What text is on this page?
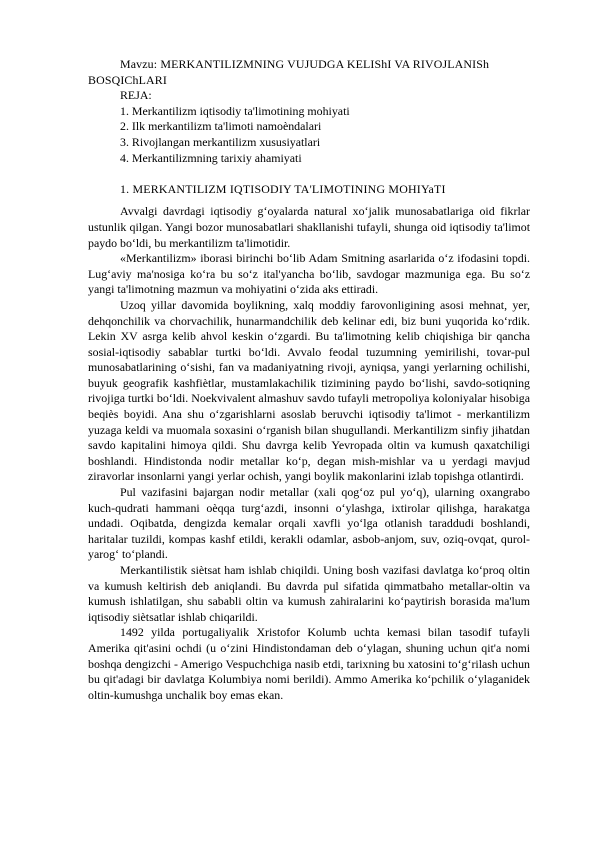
Mavzu: MERKANTILIZMNING VUJUDGA KELIShI VA RIVOJLANISh BOSQIChLARI

REJA:

1. Merkantilizm iqtisodiy ta'limotining mohiyati

2. Ilk merkantilizm ta'limoti namoèndalari

3. Rivojlangan merkantilizm xususiyatlari

4. Merkantilizmning tarixiy ahamiyati

1. MERKANTILIZM IQTISODIY TA'LIMOTINING MOHIYaTI

Avvalgi davrdagi iqtisodiy g‘oyalarda natural xo‘jalik munosabatlariga oid fikrlar ustunlik qilgan. Yangi bozor munosabatlari shakllanishi tufayli, shunga oid iqtisodiy ta'limot paydo bo‘ldi, bu merkantilizm ta'limotidir.

«Merkantilizm» iborasi birinchi bo‘lib Adam Smitning asarlarida o‘z ifodasini topdi. Lug‘aviy ma'nosiga ko‘ra bu so‘z ital'yancha bo‘lib, savdogar mazmuniga ega. Bu so‘z yangi ta'limotning mazmun va mohiyatini o‘zida aks ettiradi.

Uzoq yillar davomida boylikning, xalq moddiy farovonligining asosi mehnat, yer, dehqonchilik va chorvachilik, hunarmandchilik deb kelinar edi, biz buni yuqorida ko‘rdik. Lekin XV asrga kelib ahvol keskin o‘zgardi. Bu ta'limotning kelib chiqishiga bir qancha sosial-iqtisodiy sabablar turtki bo‘ldi. Avvalo feodal tuzumning yemirilishi, tovar-pul munosabatlarining o‘sishi, fan va madaniyatning rivoji, ayniqsa, yangi yerlarning ochilishi, buyuk geografik kashfiètlar, mustamlakachilik tizimining paydo bo‘lishi, savdo-sotiqning rivojiga turtki bo‘ldi. Noekvivalent almashuv savdo tufayli metropoliya koloniyalar hisobiga beqiès boyidi. Ana shu o‘zgarishlarni asoslab beruvchi iqtisodiy ta'limot - merkantilizm yuzaga keldi va muomala soxasini o‘rganish bilan shugullandi. Merkantilizm sinfiy jihatdan savdo kapitalini himoya qildi. Shu davrga kelib Yevropada oltin va kumush qaxatchiligi boshlandi. Hindistonda nodir metallar ko‘p, degan mish-mishlar va u yerdagi mavjud ziravorlar insonlarni yangi yerlar ochish, yangi boylik makonlarini izlab topishga otlantirdi.

Pul vazifasini bajargan nodir metallar (xali qog‘oz pul yo‘q), ularning oxangrabo kuch-qudrati hammani oèqqa turg‘azdi, insonni o‘ylashga, ixtirolar qilishga, harakatga undadi. Oqibatda, dengizda kemalar orqali xavfli yo‘lga otlanish taraddudi boshlandi, haritalar tuzildi, kompas kashf etildi, kerakli odamlar, asbob-anjom, suv, oziq-ovqat, qurol-yarog‘ to‘plandi.

Merkantilistik siètsat ham ishlab chiqildi. Uning bosh vazifasi davlatga ko‘proq oltin va kumush keltirish deb aniqlandi. Bu davrda pul sifatida qimmatbaho metallar-oltin va kumush ishlatilgan, shu sababli oltin va kumush zahiralarini ko‘paytirish borasida ma'lum iqtisodiy siètsatlar ishlab chiqarildi.

1492 yilda portugaliyalik Xristofor Kolumb uchta kemasi bilan tasodif tufayli Amerika qit'asini ochdi (u o‘zini Hindistondaman deb o‘ylagan, shuning uchun qit'a nomi boshqa dengizchi - Amerigo Vespuchchiga nasib etdi, tarixning bu xatosini to‘g‘rilash uchun bu qit'adagi bir davlatga Kolumbiya nomi berildi). Ammo Amerika ko‘pchilik o‘ylaganidek oltin-kumushga unchalik boy emas ekan.
